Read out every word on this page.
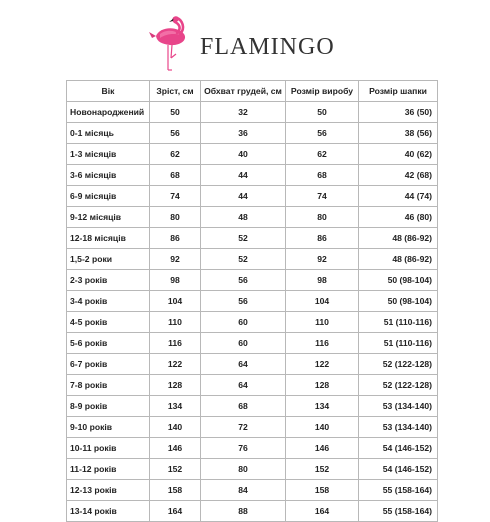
FLAMINGO
Вік	Зріст, см	Обхват грудей, см	Розмір виробу	Розмір шапки
Новонароджений	50	32	50	36 (50)
0-1 місяць	56	36	56	38 (56)
1-3 місяців	62	40	62	40 (62)
3-6 місяців	68	44	68	42 (68)
6-9 місяців	74	44	74	44 (74)
9-12 місяців	80	48	80	46 (80)
12-18 місяців	86	52	86	48 (86-92)
1,5-2 роки	92	52	92	48 (86-92)
2-3 років	98	56	98	50 (98-104)
3-4 років	104	56	104	50 (98-104)
4-5 років	110	60	110	51 (110-116)
5-6 років	116	60	116	51 (110-116)
6-7 років	122	64	122	52 (122-128)
7-8 років	128	64	128	52 (122-128)
8-9 років	134	68	134	53 (134-140)
9-10 років	140	72	140	53 (134-140)
10-11 років	146	76	146	54 (146-152)
11-12 років	152	80	152	54 (146-152)
12-13 років	158	84	158	55 (158-164)
13-14 років	164	88	164	55 (158-164)
